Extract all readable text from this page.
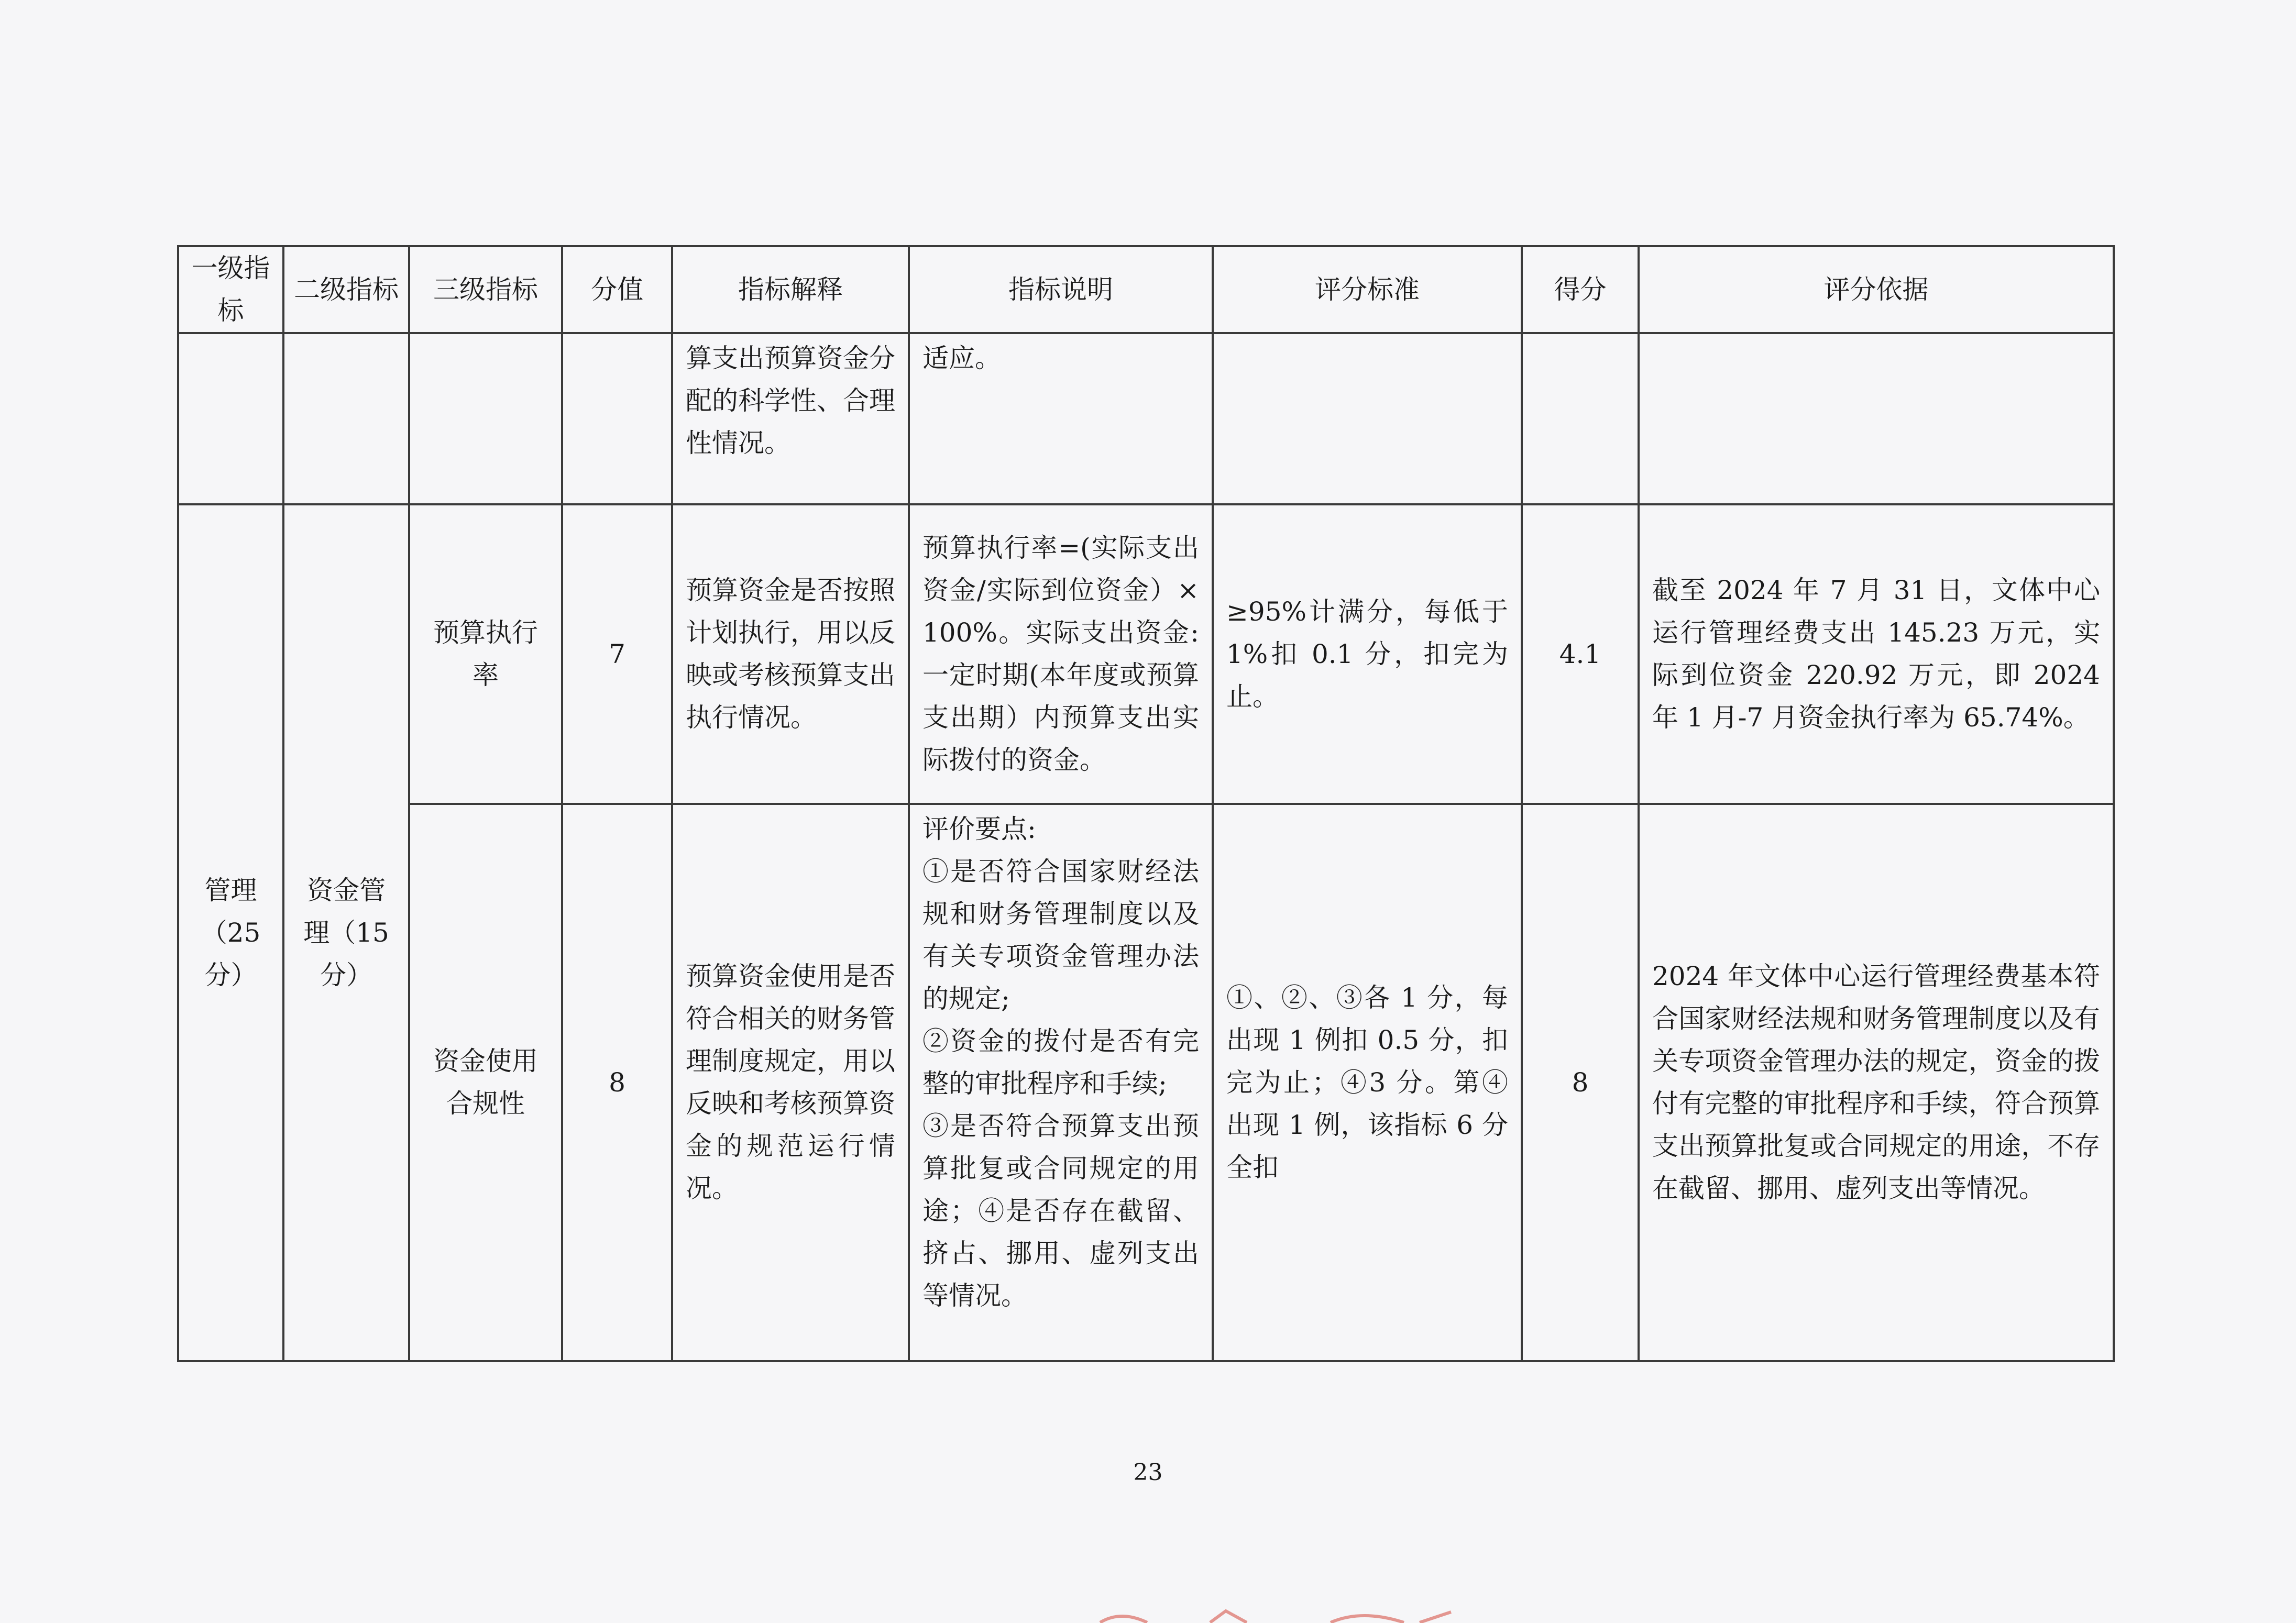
一级指标	二级指标	三级指标	分值	指标解释	指标说明	评分标准	得分	评分依据
				算支出预算资金分配的科学性、合理性情况。	适应。			
管理（25分）	资金管理（15分）	预算执行率	7	预算资金是否按照计划执行，用以反映或考核预算支出执行情况。	预算执行率=(实际支出资金/实际到位资金）×100%。实际支出资金: 一定时期(本年度或预算支出期）内预算支出实际拨付的资金。	≥95%计满分，每低于1%扣 0.1 分，扣完为止。	4.1	截至 2024 年 7 月 31 日，文体中心运行管理经费支出 145.23 万元，实际到位资金 220.92 万元，即 2024 年 1 月-7 月资金执行率为 65.74%。
		资金使用合规性	8	预算资金使用是否符合相关的财务管理制度规定，用以反映和考核预算资金的规范运行情况。	评价要点:
①是否符合国家财经法规和财务管理制度以及有关专项资金管理办法的规定;
②资金的拨付是否有完整的审批程序和手续;
③是否符合预算支出预算批复或合同规定的用途；④是否存在截留、挤占、挪用、虚列支出等情况。	①、②、③各 1 分，每出现 1 例扣 0.5 分，扣完为止；④3 分。第④出现 1 例，该指标 6 分全扣	8	2024 年文体中心运行管理经费基本符合国家财经法规和财务管理制度以及有关专项资金管理办法的规定，资金的拨付有完整的审批程序和手续，符合预算支出预算批复或合同规定的用途，不存在截留、挪用、虚列支出等情况。
23
